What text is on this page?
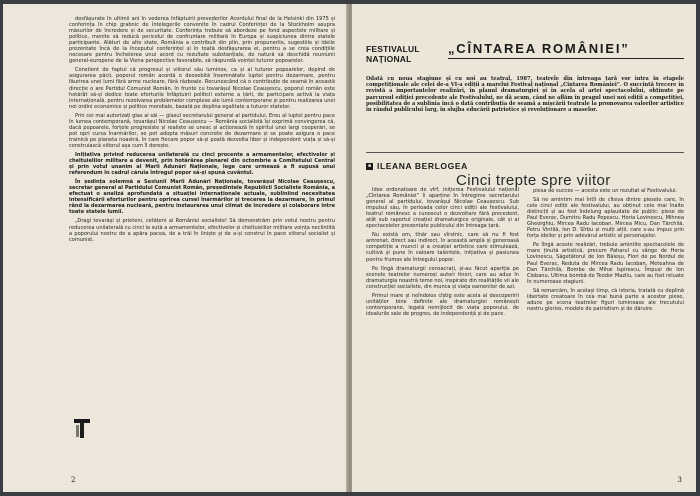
desfășurate în ultimii ani în vederea înfăptuirii prevederilor Acordului final de la Helsinki din 1975 și conferința în chip grabnic de întelegerile convenite în cadrul Conferinței de la Stockholm asupra măsurilor de încredere și de securitate. Conferința trebuie să abordeze pe fond aspectele militare și politice, menite să reducă pericolul de confruntare militară în Europa și suspiciunea dintre statele participante. Alături de alte state, România a contribuit din plin, prin propunerile, sugestiile și ideile prezentate încă de la începutul conferinței și în toată desfășurarea ei, pentru a se crea condițiile necesare pentru încheierea unui acord cu rezultate substanțiale, de natură să deschidă reuniunii general-europene de la Viena perspective favorabile, să răspundă voinței tuturor popoarelor.

Constient de faptul că progresul și viitorul său luminos, ca și al tuturor popoarelor, depind de asigurarea păcii, poporul român acordă o deosebită însemnătate luptei pentru dezarmare, pentru făurirea unei lumi fără arme nucleare, fără războaie. Recunoscând că o contribuție de seamă în această direcție o are Partidul Comunist Român, în frunte cu tovarășul Nicolae Ceaușescu, poporul român este hotărât să-și dedice toate eforturile înfăptuirii politicii externe a țării, de participare activă la viața internațională, pentru rezolvarea problemelor complexe ale lumii contemporane și pentru realizarea unei noi ordini economice și politice mondiale, bazată pe deplina egalitate a tuturor statelor.

Prin cei mai autorizați glas ai săi — glasul secretarului general al partidului, Erou al luptei pentru pace în lumea contemporană, tovarășul Nicolae Ceaușescu — România socialistă își exprimă convingerea că, dacă popoarele, forțele progresiste și realiste se unesc și acționează în spiritul unei largi cooperări, se pot opri cursa înarmărilor, se pot adopta măsuri concrete de dezarmare și se poate asigura o pace trainică pe planeta noastră, în care fiecare popor să-și poată dezvolta liber și independent viața și să-și construiască viitorul așa cum îl dorește.

Inițiativa privind reducerea unilaterală cu cinci procente a armamentelor, efectivelor și cheltuielilor militare a devenit, prin hotărârea plenarei din octombrie a Comitetului Central și prin votul unanim al Marii Adunări Naționale, lege care urmează a fi supusă unui referendum în cadrul căruia întregul popor să-și spună cuvântul.

În ședința solemnă a Sesiunii Marii Adunări Naționale, tovarășul Nicolae Ceaușescu, secretar general al Partidului Comunist Român, președintele Republicii Socialiste România, a efectuat o analiză aprofundată a situației internaționale actuale, subliniind necesitatea intensificării eforturilor pentru oprirea cursei înarmărilor și trecerea la dezarmare, în primul rând la dezarmarea nucleară, pentru instaurarea unui climat de încredere și colaborare între toate statele lumii.

„Dragi tovarăși și prieteni, cetățeni ai României socialiste! Să demonstrăm prin votul nostru pentru reducerea unilaterală cu cinci la sută a armamentelor, efectivelor și cheltuielilor militare voința neclintită a poporului nostru de a apăra pacea, de a trăi în liniște și de a-și construi în pace viitorul socialist și comunist.

2
FESTIVALUL NAȚIONAL
„CÎNTAREA ROMÂNIEI”

Odată cu noua stagiune și cu noi au teatral, 1987, teatrele din întreaga țară vor intra în etapele competiționale ale celei de-a VI-a ediții a marelui Festival național „Cîntarea României”. O succintă trecere în revistă a importantelor realizări, în planul dramaturgiei și în acela al artei spectacolului, obținute pe parcursul ediției precedente ale Festivalului, ne dă acum, când ne aflăm în pragul unei noi ediții a competiției, posibilitatea de a sublinia încă o dată contribuția de seamă a mișcării teatrale la promovarea valorilor artistice în rândul publicului larg, în slujba educării patriotice și revoluționare a maselor.

■ ILEANA BERLOGEA
Cinci trepte spre viitor

Idee ordonatoare de vîrf, inițierea Festivalului național „Cîntarea României” îi aparține în întregime secretarului general al partidului, tovarășul Nicolae Ceaușescu. Sub impulsul său, în perioada celor cinci ediții ale festivalului, teatrul românesc a cunoscut o dezvoltare fără precedent, atât sub raportul creației dramaturgice originale, cât și al spectacolelor prezentate publicului din întreaga țară.

Nu există om, tînăr sau vîrstnic, care să nu fi fost antrenat, direct sau indirect, în această amplă și generoasă competiție a muncii și a creației artistice care stimulează, cultivă și pune în valoare talentele, inițiativa și pasiunea pentru frumos ale întregului popor.

Pe lîngă dramaturgii consacrați, și-au făcut apariția pe scenele teatrelor numeroși autori tineri, care au adus în dramaturgia noastră teme noi, inspirate din realitățile vii ale construcției socialiste, din munca și viața oamenilor de azi.

Primul mare și neîndoios cîștig este acela al descoperirii unităților bine definite ale dramaturgiei românești contemporane, legată nemijlocit de viața poporului, de idealurile sale de progres, de independență și de pace.

piesa de succes — acesta este un rezultat al Festivalului.

Să ne amintim mai întîi de cîteva dintre piesele care, în cele cinci ediții ale festivalului, au obținut cele mai înalte distincții și au fost îndelung aplaudate de public: piese de Paul Everac, Dumitru Radu Popescu, Horia Lovinescu, Mihnea Gheorghiu, Mircea Radu Iacoban, Mircea Micu, Dan Tărchilă, Petru Vintilă, Ion D. Sîrbu și mulți alții, care s-au impus prin forța ideilor și prin adevărul artistic al personajelor.

Pe lîngă aceste realizări, trebuie amintite spectacolele de mare ținută artistică, precum Paharul cu sânge de Horia Lovinescu, Săgetătorul de Ion Băieșu, Flori de pe Nordul de Paul Everac, Reduta de Mircea Radu Iacoban, Meteahna de Dan Tărchilă, Bombe de Mihai Ispirescu, Împuși de Ion Ciobanu, Ultima bombă de Teodor Mazilu, care au fost reluate în numeroase stagiuni.

Să remarcăm, în același timp, că istoria, tratată cu deplină libertate creatoare în cea mai bună parte a acestor piese, aduce pe scena teatrelor figuri luminoase ale trecutului nostru glorios, modele de patriotism și de dăruire.

3
